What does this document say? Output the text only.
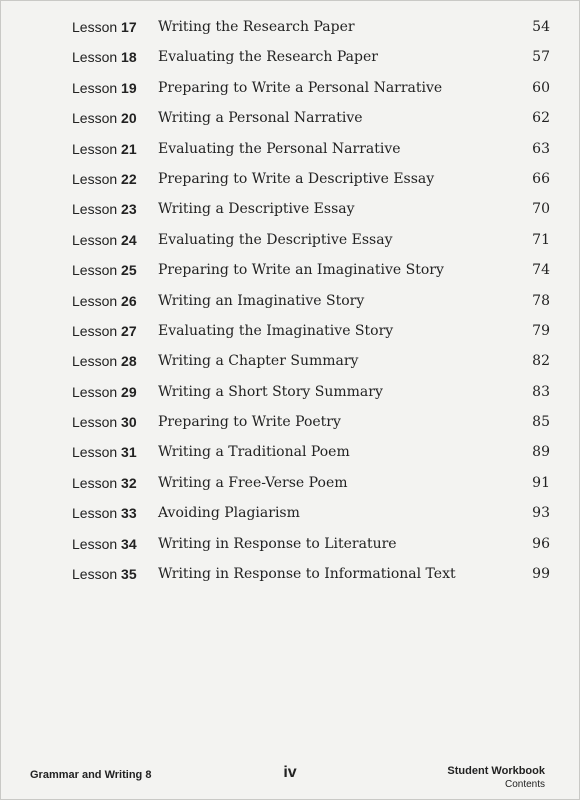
Lesson 17 Writing the Research Paper	54
Lesson 18 Evaluating the Research Paper	57
Lesson 19 Preparing to Write a Personal Narrative	60
Lesson 20 Writing a Personal Narrative	62
Lesson 21 Evaluating the Personal Narrative	63
Lesson 22 Preparing to Write a Descriptive Essay	66
Lesson 23 Writing a Descriptive Essay	70
Lesson 24 Evaluating the Descriptive Essay	71
Lesson 25 Preparing to Write an Imaginative Story	74
Lesson 26 Writing an Imaginative Story	78
Lesson 27 Evaluating the Imaginative Story	79
Lesson 28 Writing a Chapter Summary	82
Lesson 29 Writing a Short Story Summary	83
Lesson 30 Preparing to Write Poetry	85
Lesson 31 Writing a Traditional Poem	89
Lesson 32 Writing a Free-Verse Poem	91
Lesson 33 Avoiding Plagiarism	93
Lesson 34 Writing in Response to Literature	96
Lesson 35 Writing in Response to Informational Text	99
Grammar and Writing 8	iv	Student Workbook
Contents
